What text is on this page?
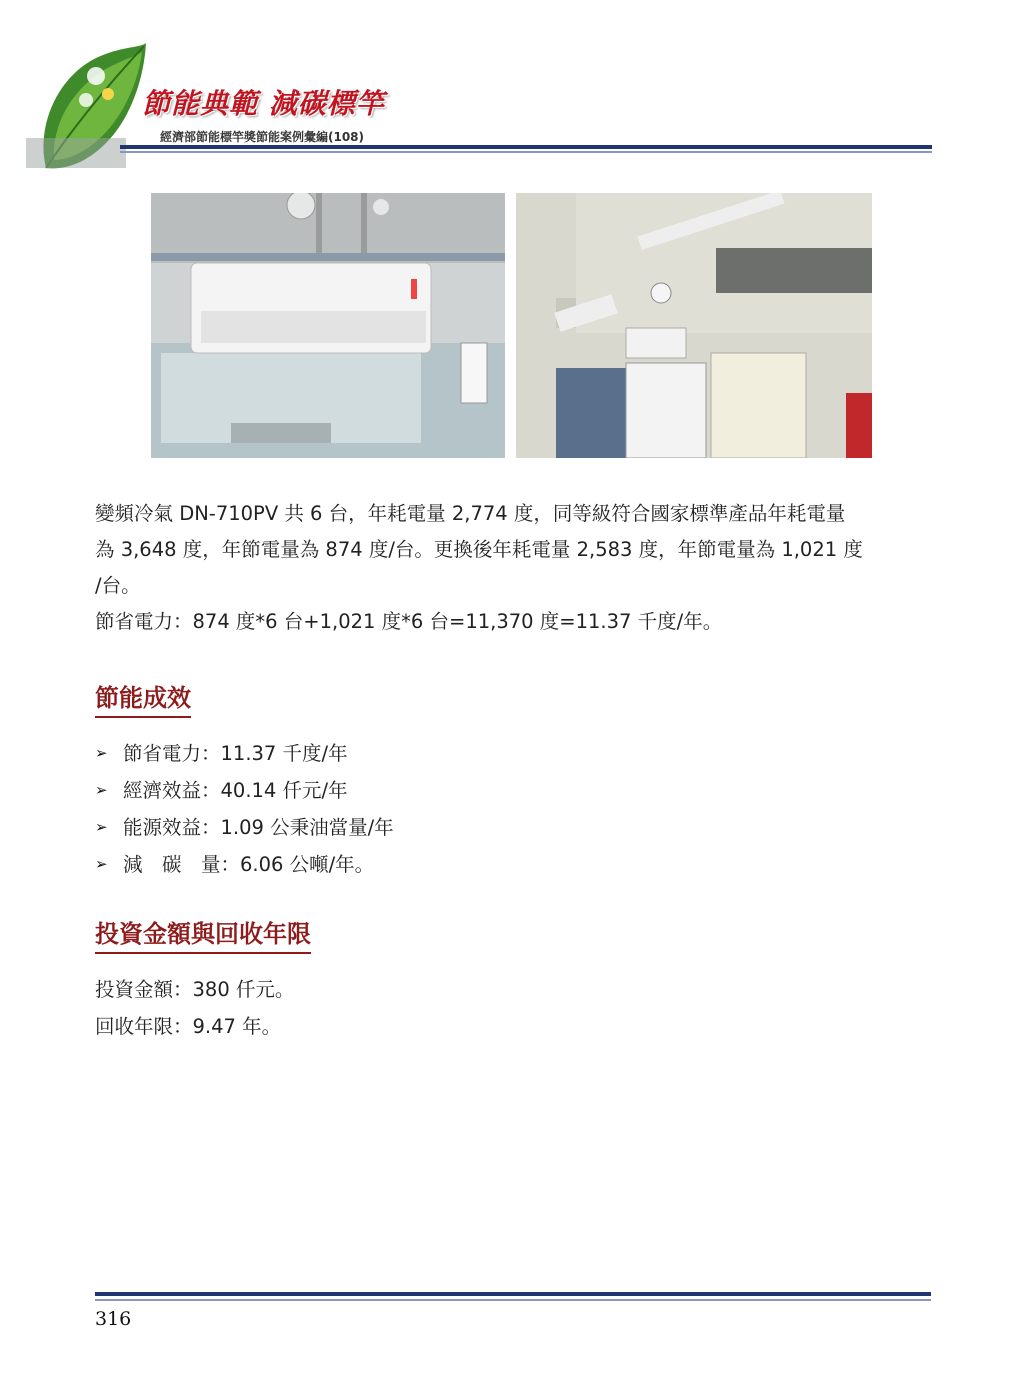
節能典範 減碳標竿
經濟部節能標竿獎節能案例彙編(108)
變頻冷氣 DN-710PV 共 6 台，年耗電量 2,774 度，同等級符合國家標準產品年耗電量
為 3,648 度，年節電量為 874 度/台。更換後年耗電量 2,583 度，年節電量為 1,021 度
/台。
節省電力：874 度*6 台+1,021 度*6 台=11,370 度=11.37 千度/年。
節能成效
➢ 節省電力：11.37 千度/年
➢ 經濟效益：40.14 仟元/年
➢ 能源效益：1.09 公秉油當量/年
➢ 減　碳　量：6.06 公噸/年。
投資金額與回收年限
投資金額：380 仟元。
回收年限：9.47 年。
316
